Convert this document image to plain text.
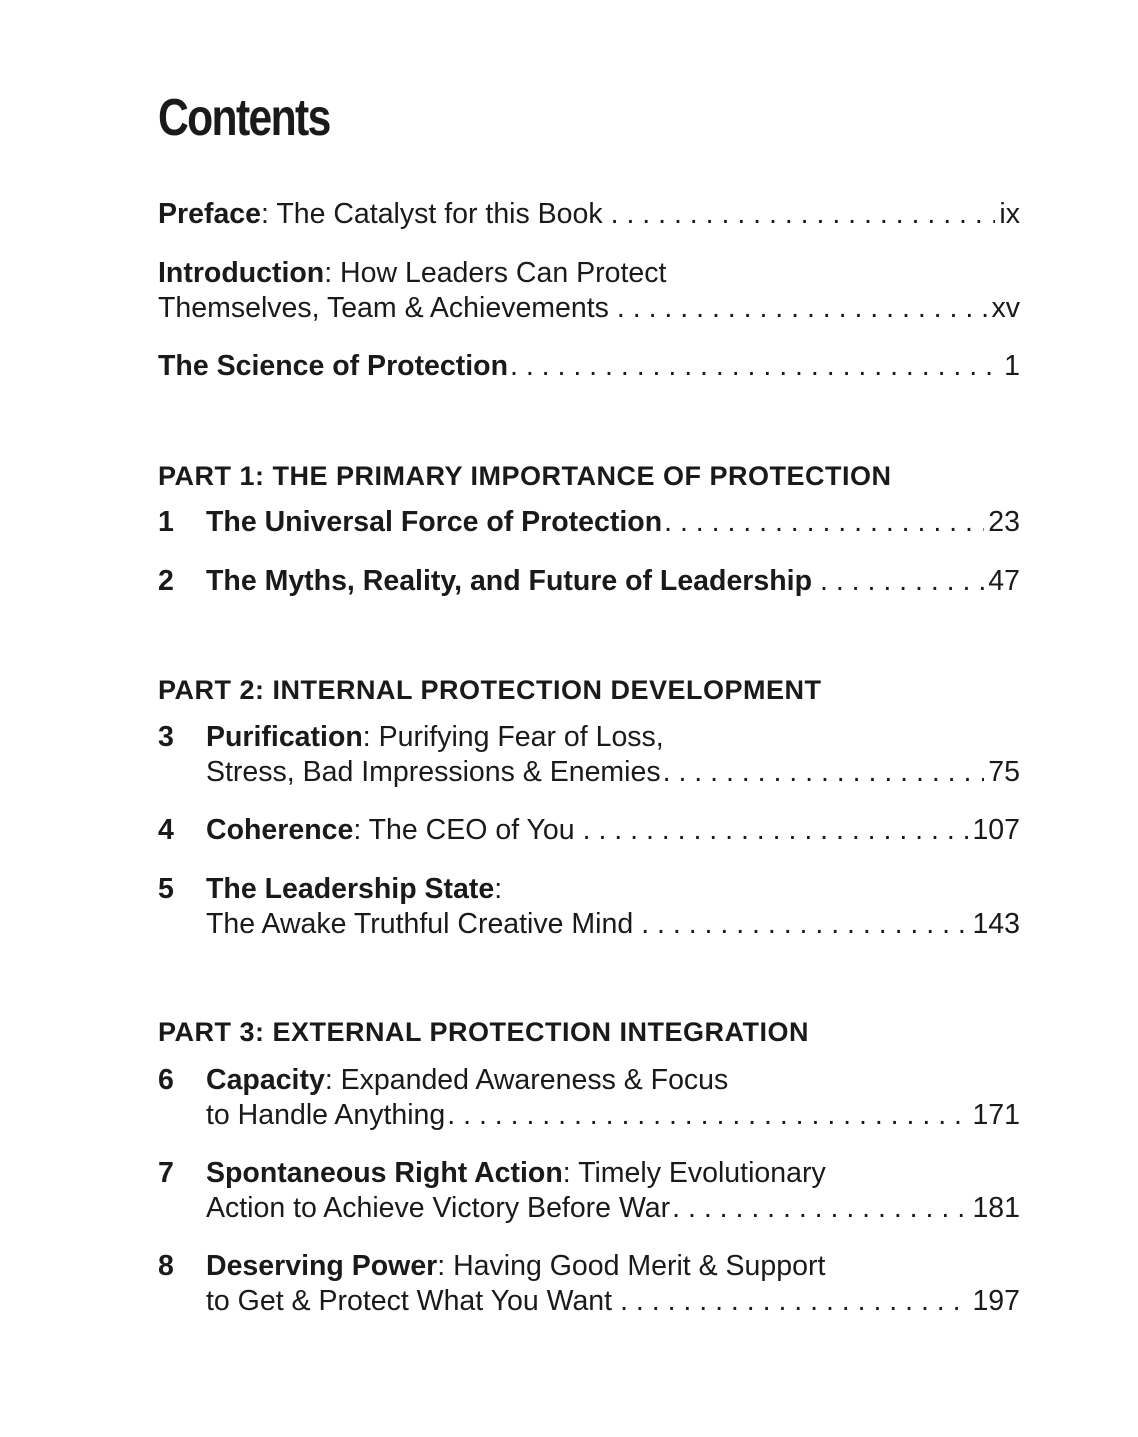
Contents
Preface: The Catalyst for this Book . . .	ix
Introduction : How Leaders Can Protect
Themselves, Team & Achievements . . .	xv
The Science of Protection . . .	1
PART 1: THE PRIMARY IMPORTANCE OF PROTECTION
1 The Universal Force of Protection . . .	23
2 The Myths, Reality, and Future of Leadership . . .	47
PART 2: INTERNAL PROTECTION DEVELOPMENT
3 Purification: Purifying Fear of Loss,
Stress, Bad Impressions & Enemies . . .	75
4 Coherence: The CEO of You . . .	107
5 The Leadership State:
The Awake Truthful Creative Mind . . .	143
PART 3: EXTERNAL PROTECTION INTEGRATION
6 Capacity: Expanded Awareness & Focus
to Handle Anything . . .	171
7 Spontaneous Right Action: Timely Evolutionary
Action to Achieve Victory Before War . . .	181
8 Deserving Power: Having Good Merit & Support
to Get & Protect What You Want . . .	197
